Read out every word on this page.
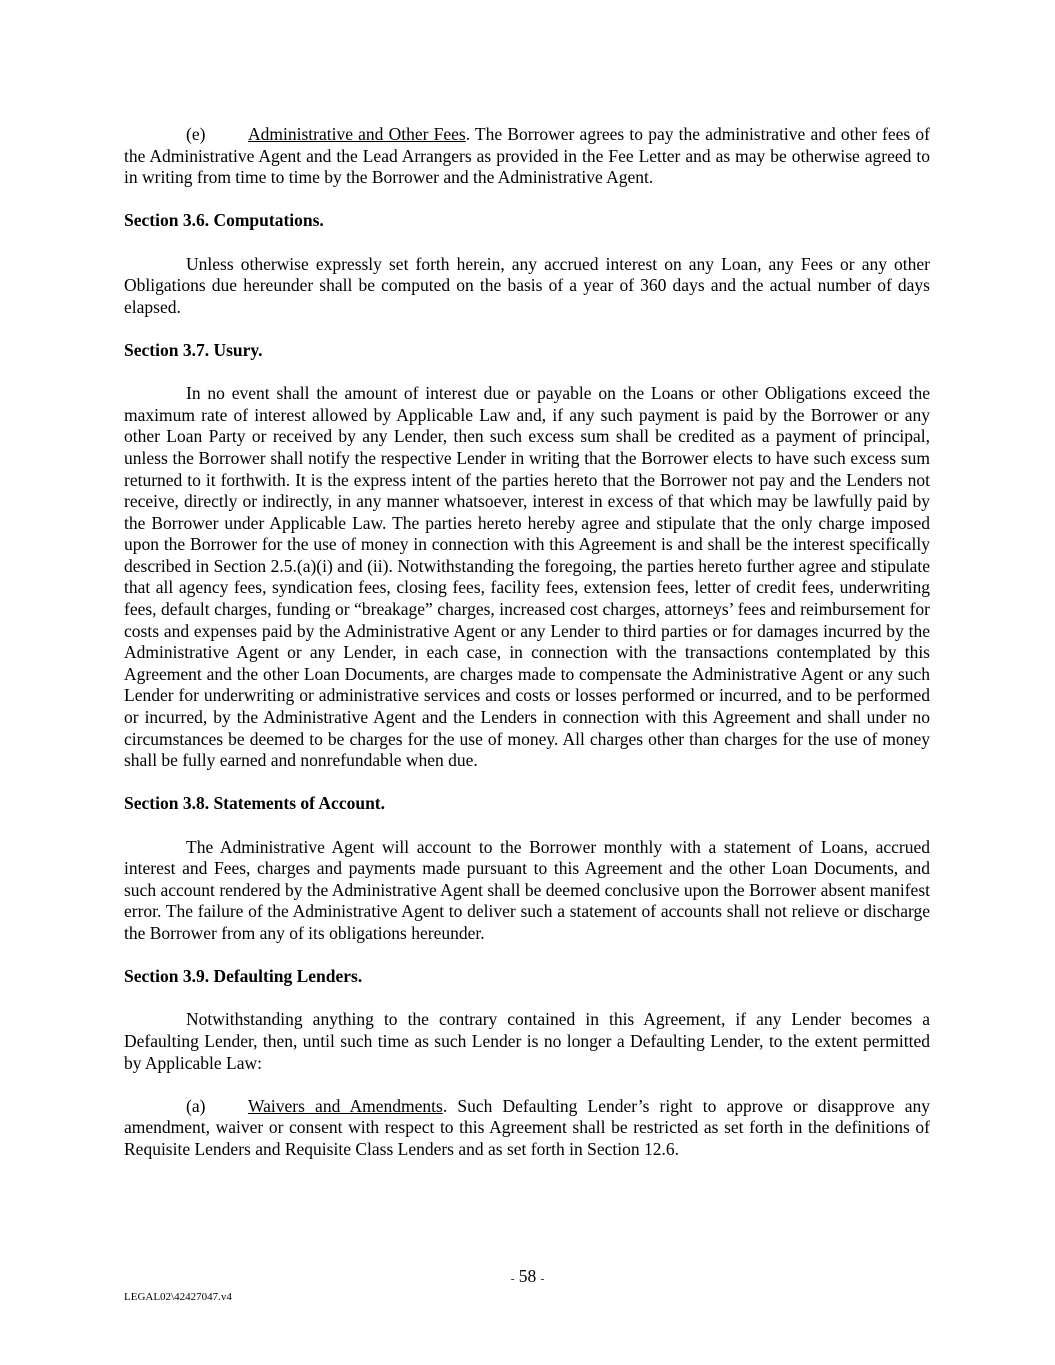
(e) Administrative and Other Fees. The Borrower agrees to pay the administrative and other fees of the Administrative Agent and the Lead Arrangers as provided in the Fee Letter and as may be otherwise agreed to in writing from time to time by the Borrower and the Administrative Agent.

Section 3.6. Computations.

Unless otherwise expressly set forth herein, any accrued interest on any Loan, any Fees or any other Obligations due hereunder shall be computed on the basis of a year of 360 days and the actual number of days elapsed.

Section 3.7. Usury.

In no event shall the amount of interest due or payable on the Loans or other Obligations exceed the maximum rate of interest allowed by Applicable Law and, if any such payment is paid by the Borrower or any other Loan Party or received by any Lender, then such excess sum shall be credited as a payment of principal, unless the Borrower shall notify the respective Lender in writing that the Borrower elects to have such excess sum returned to it forthwith. It is the express intent of the parties hereto that the Borrower not pay and the Lenders not receive, directly or indirectly, in any manner whatsoever, interest in excess of that which may be lawfully paid by the Borrower under Applicable Law. The parties hereto hereby agree and stipulate that the only charge imposed upon the Borrower for the use of money in connection with this Agreement is and shall be the interest specifically described in Section 2.5.(a)(i) and (ii). Notwithstanding the foregoing, the parties hereto further agree and stipulate that all agency fees, syndication fees, closing fees, facility fees, extension fees, letter of credit fees, underwriting fees, default charges, funding or “breakage” charges, increased cost charges, attorneys’ fees and reimbursement for costs and expenses paid by the Administrative Agent or any Lender to third parties or for damages incurred by the Administrative Agent or any Lender, in each case, in connection with the transactions contemplated by this Agreement and the other Loan Documents, are charges made to compensate the Administrative Agent or any such Lender for underwriting or administrative services and costs or losses performed or incurred, and to be performed or incurred, by the Administrative Agent and the Lenders in connection with this Agreement and shall under no circumstances be deemed to be charges for the use of money. All charges other than charges for the use of money shall be fully earned and nonrefundable when due.

Section 3.8. Statements of Account.

The Administrative Agent will account to the Borrower monthly with a statement of Loans, accrued interest and Fees, charges and payments made pursuant to this Agreement and the other Loan Documents, and such account rendered by the Administrative Agent shall be deemed conclusive upon the Borrower absent manifest error. The failure of the Administrative Agent to deliver such a statement of accounts shall not relieve or discharge the Borrower from any of its obligations hereunder.

Section 3.9. Defaulting Lenders.

Notwithstanding anything to the contrary contained in this Agreement, if any Lender becomes a Defaulting Lender, then, until such time as such Lender is no longer a Defaulting Lender, to the extent permitted by Applicable Law:

(a) Waivers and Amendments. Such Defaulting Lender’s right to approve or disapprove any amendment, waiver or consent with respect to this Agreement shall be restricted as set forth in the definitions of Requisite Lenders and Requisite Class Lenders and as set forth in Section 12.6.

- 58 -
LEGAL02\42427047.v4
